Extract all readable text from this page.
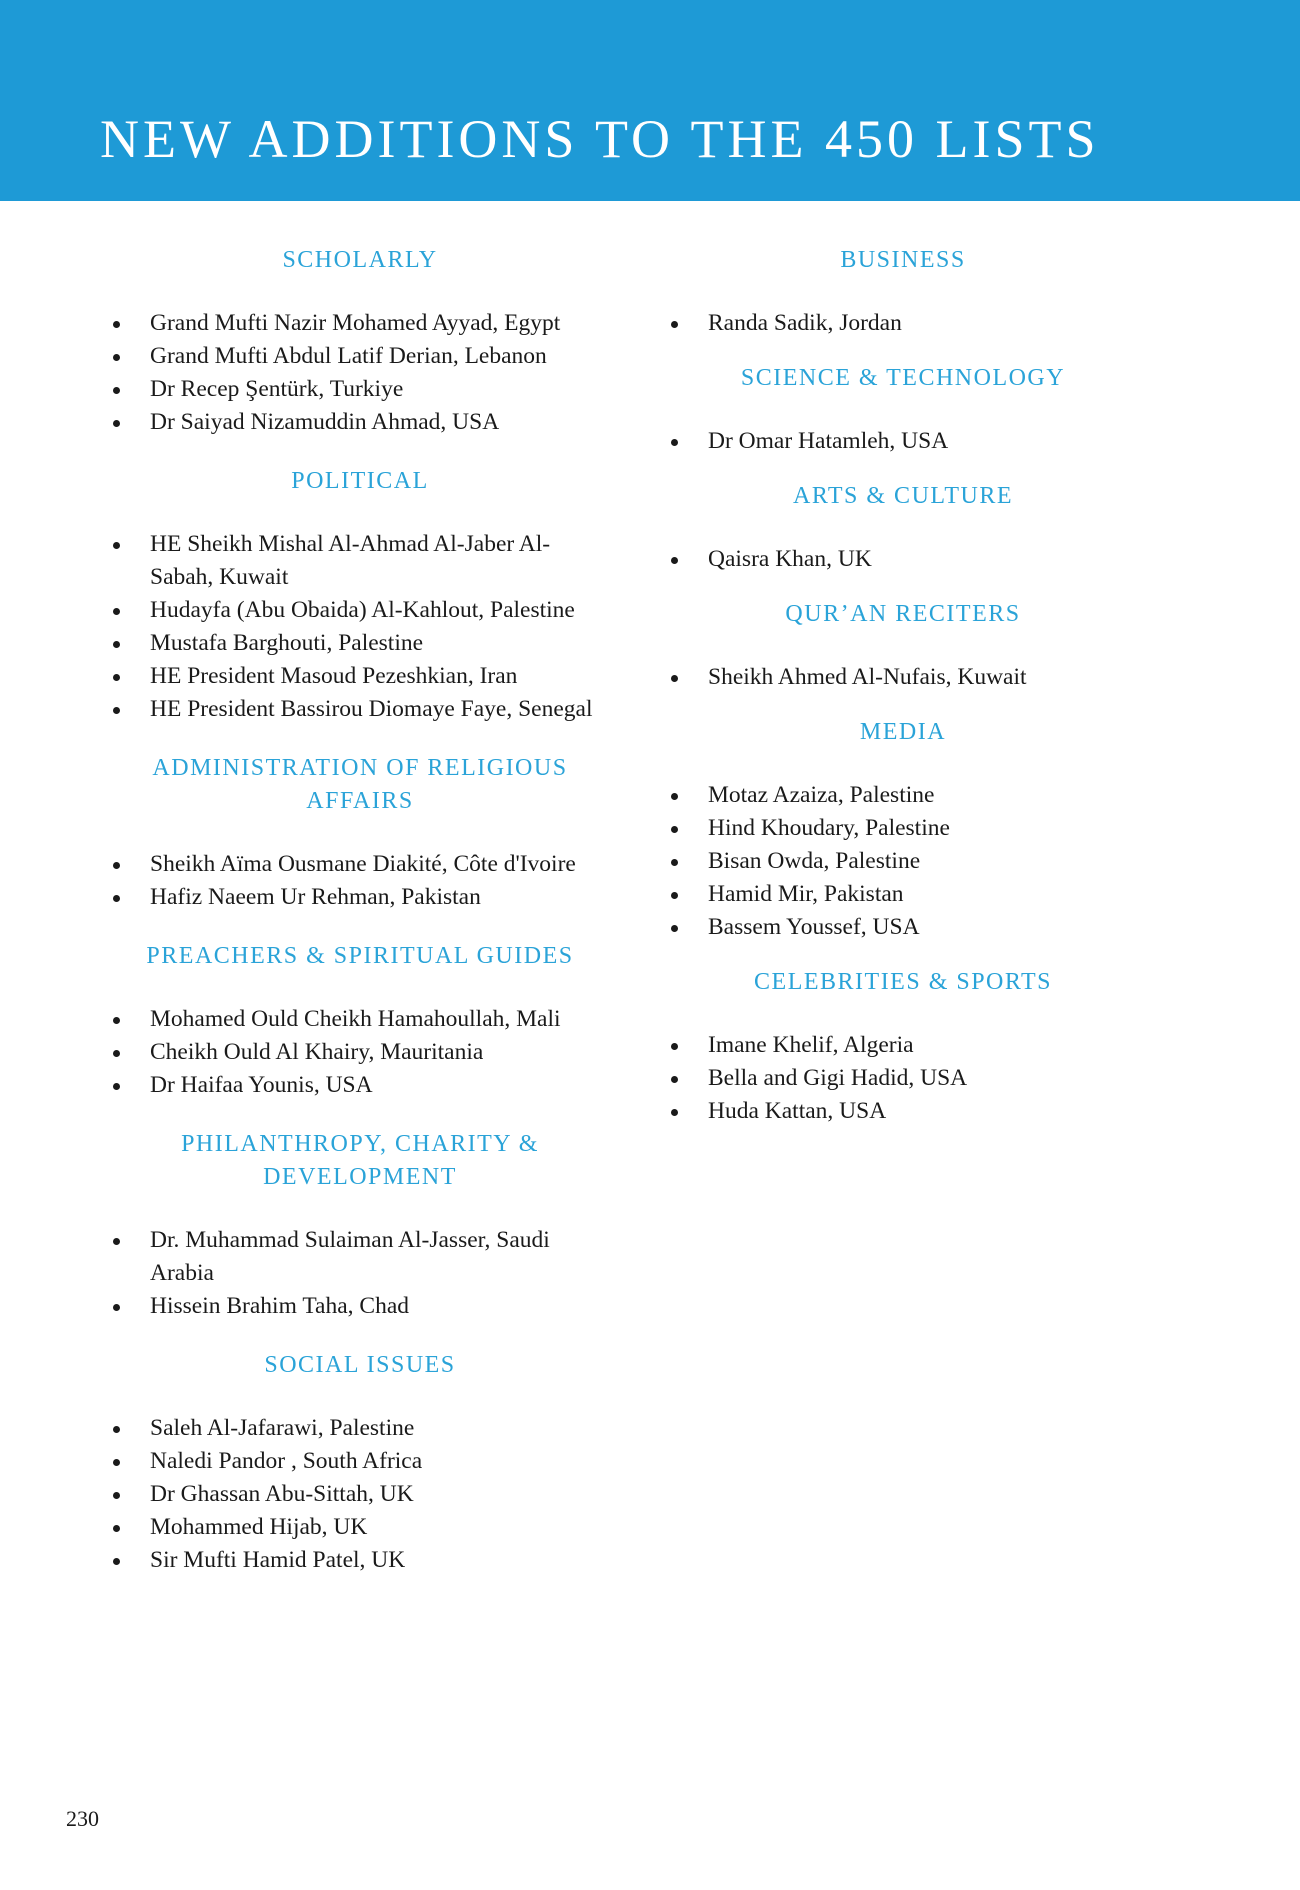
NEW ADDITIONS TO THE 450 LISTS
SCHOLARLY
Grand Mufti Nazir Mohamed Ayyad, Egypt
Grand Mufti Abdul Latif Derian, Lebanon
Dr Recep Şentürk, Turkiye
Dr Saiyad Nizamuddin Ahmad, USA
POLITICAL
HE Sheikh Mishal Al-Ahmad Al-Jaber Al-Sabah, Kuwait
Hudayfa (Abu Obaida) Al-Kahlout, Palestine
Mustafa Barghouti, Palestine
HE President Masoud Pezeshkian, Iran
HE President Bassirou Diomaye Faye, Senegal
ADMINISTRATION OF RELIGIOUS AFFAIRS
Sheikh Aïma Ousmane Diakité, Côte d'Ivoire
Hafiz Naeem Ur Rehman, Pakistan
PREACHERS & SPIRITUAL GUIDES
Mohamed Ould Cheikh Hamahoullah, Mali
Cheikh Ould Al Khairy, Mauritania
Dr Haifaa Younis, USA
PHILANTHROPY, CHARITY & DEVELOPMENT
Dr. Muhammad Sulaiman Al-Jasser, Saudi Arabia
Hissein Brahim Taha, Chad
SOCIAL ISSUES
Saleh Al-Jafarawi, Palestine
Naledi Pandor , South Africa
Dr Ghassan Abu-Sittah, UK
Mohammed Hijab, UK
Sir Mufti Hamid Patel, UK
BUSINESS
Randa Sadik, Jordan
SCIENCE & TECHNOLOGY
Dr Omar Hatamleh, USA
ARTS & CULTURE
Qaisra Khan, UK
QUR’AN RECITERS
Sheikh Ahmed Al-Nufais, Kuwait
MEDIA
Motaz Azaiza, Palestine
Hind Khoudary, Palestine
Bisan Owda, Palestine
Hamid Mir, Pakistan
Bassem Youssef, USA
CELEBRITIES & SPORTS
Imane Khelif, Algeria
Bella and Gigi Hadid, USA
Huda Kattan, USA
230
